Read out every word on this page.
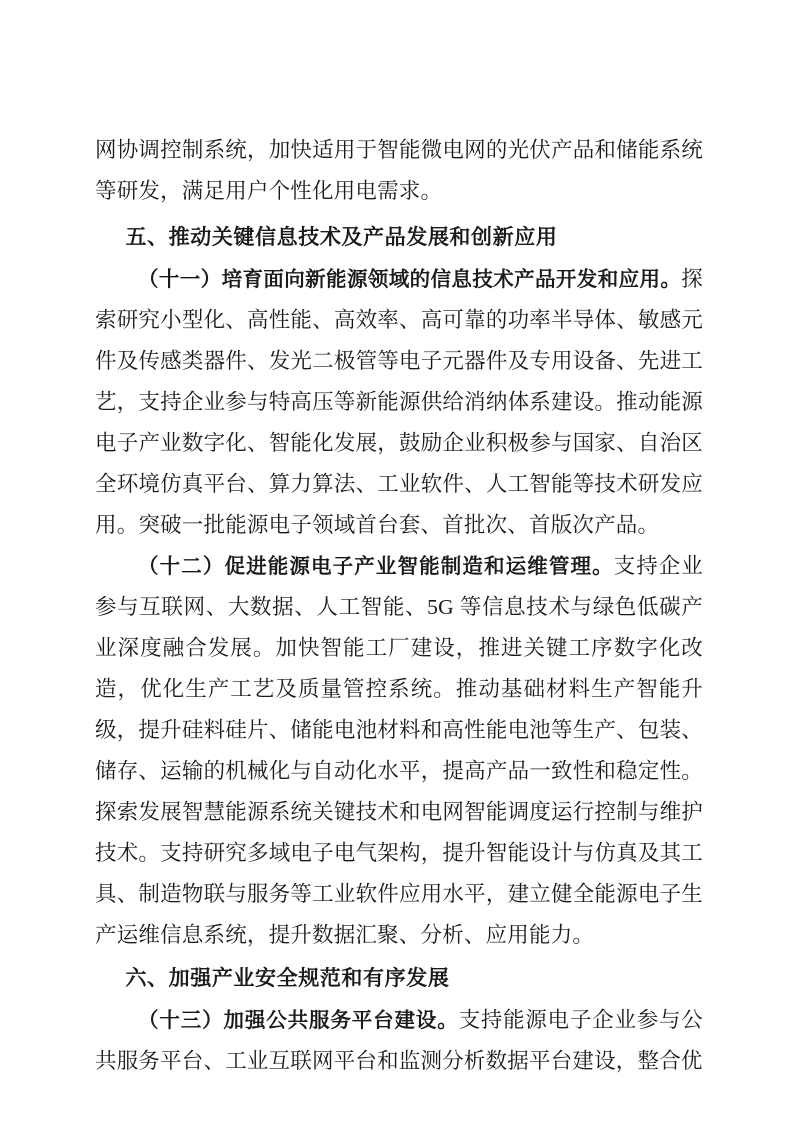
网协调控制系统，加快适用于智能微电网的光伏产品和储能系统等研发，满足用户个性化用电需求。

五、推动关键信息技术及产品发展和创新应用

（十一）培育面向新能源领域的信息技术产品开发和应用。探索研究小型化、高性能、高效率、高可靠的功率半导体、敏感元件及传感类器件、发光二极管等电子元器件及专用设备、先进工艺，支持企业参与特高压等新能源供给消纳体系建设。推动能源电子产业数字化、智能化发展，鼓励企业积极参与国家、自治区全环境仿真平台、算力算法、工业软件、人工智能等技术研发应用。突破一批能源电子领域首台套、首批次、首版次产品。

（十二）促进能源电子产业智能制造和运维管理。支持企业参与互联网、大数据、人工智能、5G 等信息技术与绿色低碳产业深度融合发展。加快智能工厂建设，推进关键工序数字化改造，优化生产工艺及质量管控系统。推动基础材料生产智能升级，提升硅料硅片、储能电池材料和高性能电池等生产、包装、储存、运输的机械化与自动化水平，提高产品一致性和稳定性。探索发展智慧能源系统关键技术和电网智能调度运行控制与维护技术。支持研究多域电子电气架构，提升智能设计与仿真及其工具、制造物联与服务等工业软件应用水平，建立健全能源电子生产运维信息系统，提升数据汇聚、分析、应用能力。

六、加强产业安全规范和有序发展

（十三）加强公共服务平台建设。支持能源电子企业参与公共服务平台、工业互联网平台和监测分析数据平台建设，整合优
